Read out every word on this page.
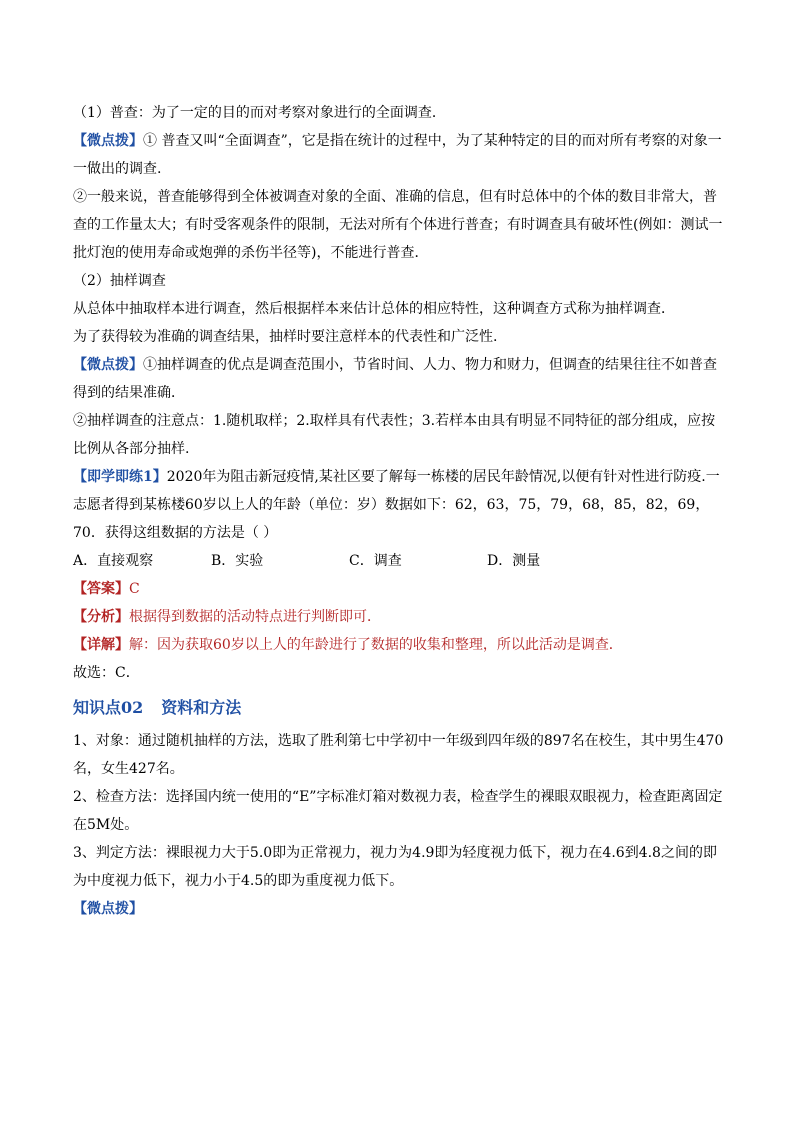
（1）普查：为了一定的目的而对考察对象进行的全面调查．

【微点拨】① 普查又叫“全面调查”，它是指在统计的过程中，为了某种特定的目的而对所有考察的对象一一做出的调查.

②一般来说，普查能够得到全体被调查对象的全面、准确的信息，但有时总体中的个体的数目非常大，普查的工作量太大；有时受客观条件的限制，无法对所有个体进行普查；有时调查具有破坏性(例如：测试一批灯泡的使用寿命或炮弹的杀伤半径等)，不能进行普查．

（2）抽样调查

从总体中抽取样本进行调查，然后根据样本来估计总体的相应特性，这种调查方式称为抽样调查．

为了获得较为准确的调查结果，抽样时要注意样本的代表性和广泛性.

【微点拨】①抽样调查的优点是调查范围小，节省时间、人力、物力和财力，但调查的结果往往不如普查得到的结果准确．

②抽样调查的注意点：1.随机取样；2.取样具有代表性；3.若样本由具有明显不同特征的部分组成，应按比例从各部分抽样.

【即学即练1】2020年为阻击新冠疫情,某社区要了解每一栋楼的居民年龄情况,以便有针对性进行防疫.一志愿者得到某栋楼60岁以上人的年龄（单位：岁）数据如下：62，63，75，79，68，85，82，69，70．获得这组数据的方法是（ ）

A．直接观察	B．实验	C．调查	D．测量

【答案】C

【分析】根据得到数据的活动特点进行判断即可．

【详解】解：因为获取60岁以上人的年龄进行了数据的收集和整理，所以此活动是调查．

故选：C．

知识点02 资料和方法

1、对象：通过随机抽样的方法，选取了胜利第七中学初中一年级到四年级的897名在校生，其中男生470名，女生427名。

2、检查方法：选择国内统一使用的“E”字标准灯箱对数视力表，检查学生的裸眼双眼视力，检查距离固定在5M处。

3、判定方法：裸眼视力大于5.0即为正常视力，视力为4.9即为轻度视力低下，视力在4.6到4.8之间的即为中度视力低下，视力小于4.5的即为重度视力低下。

【微点拨】
